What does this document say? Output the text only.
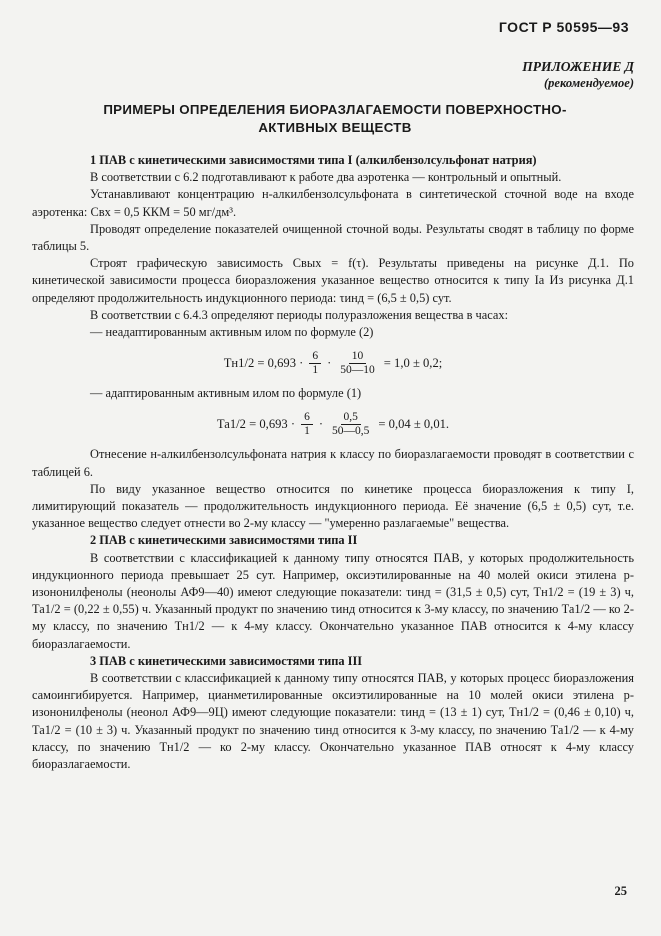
ГОСТ Р 50595—93
ПРИЛОЖЕНИЕ Д
(рекомендуемое)
ПРИМЕРЫ ОПРЕДЕЛЕНИЯ БИОРАЗЛАГАЕМОСТИ ПОВЕРХНОСТНО-
АКТИВНЫХ ВЕЩЕСТВ

1 ПАВ с кинетическими зависимостями типа I (алкилбензолсульфонат натрия)

В соответствии с 6.2 подготавливают к работе два аэротенка — контрольный и опытный.

Устанавливают концентрацию н-алкилбензолсульфоната в синтетической сточной воде на входе аэротенка: Свх = 0,5 ККМ = 50 мг/дм³.

Проводят определение показателей очищенной сточной воды. Результаты сводят в таблицу по форме таблицы 5.

Строят графическую зависимость Свых = f(τ). Результаты приведены на рисунке Д.1. По кинетической зависимости процесса биоразложения указанное вещество относится к типу Iа Из рисунка Д.1 определяют продолжительность индукционного периода: τинд = (6,5 ± 0,5) сут.

В соответствии с 6.4.3 определяют периоды полуразложения вещества в часах:

— неадаптированным активным илом по формуле (2)

$Тн1/2 = 0,693 \cdot \frac{6}{1} \cdot \frac{10}{50—10} = 1,0 \pm 0,2$;

— адаптированным активным илом по формуле (1)

$Та1/2 = 0,693 \cdot \frac{6}{1} \cdot \frac{0,5}{50—0,5} = 0,04 \pm 0,01$.

Отнесение н-алкилбензолсульфоната натрия к классу по биоразлагаемости проводят в соответствии с таблицей 6.

По виду указанное вещество относится по кинетике процесса биоразложения к типу I, лимитирующий показатель — продолжительность индукционного периода. Её значение (6,5 ± 0,5) сут, т.е. указанное вещество следует отнести во 2-му классу — "умеренно разлагаемые" вещества.

2 ПАВ с кинетическими зависимостями типа II

В соответствии с классификацией к данному типу относятся ПАВ, у которых продолжительность индукционного периода превышает 25 сут. Например, оксиэтилированные на 40 молей окиси этилена p-изононилфенолы (неонолы АФ9—40) имеют следующие показатели: τинд = (31,5 ± 0,5) сут, Тн1/2 = (19 ± 3) ч, Та1/2 = (0,22 ± 0,55) ч. Указанный продукт по значению τинд относится к 3-му классу, по значению Та1/2 — ко 2-му классу, по значению Тн1/2 — к 4-му классу. Окончательно указанное ПАВ относится к 4-му классу биоразлагаемости.

3 ПАВ с кинетическими зависимостями типа III

В соответствии с классификацией к данному типу относятся ПАВ, у которых процесс биоразложения самоингибируется. Например, цианметилированные оксиэтилированные на 10 молей окиси этилена p-изононилфенолы (неонол АФ9—9Ц) имеют следующие показатели: τинд = (13 ± 1) сут, Тн1/2 = (0,46 ± 0,10) ч, Та1/2 = (10 ± 3) ч. Указанный продукт по значению τинд относится к 3-му классу, по значению Та1/2 — к 4-му классу, по значению Тн1/2 — ко 2-му классу. Окончательно указанное ПАВ относят к 4-му классу биоразлагаемости.

25
